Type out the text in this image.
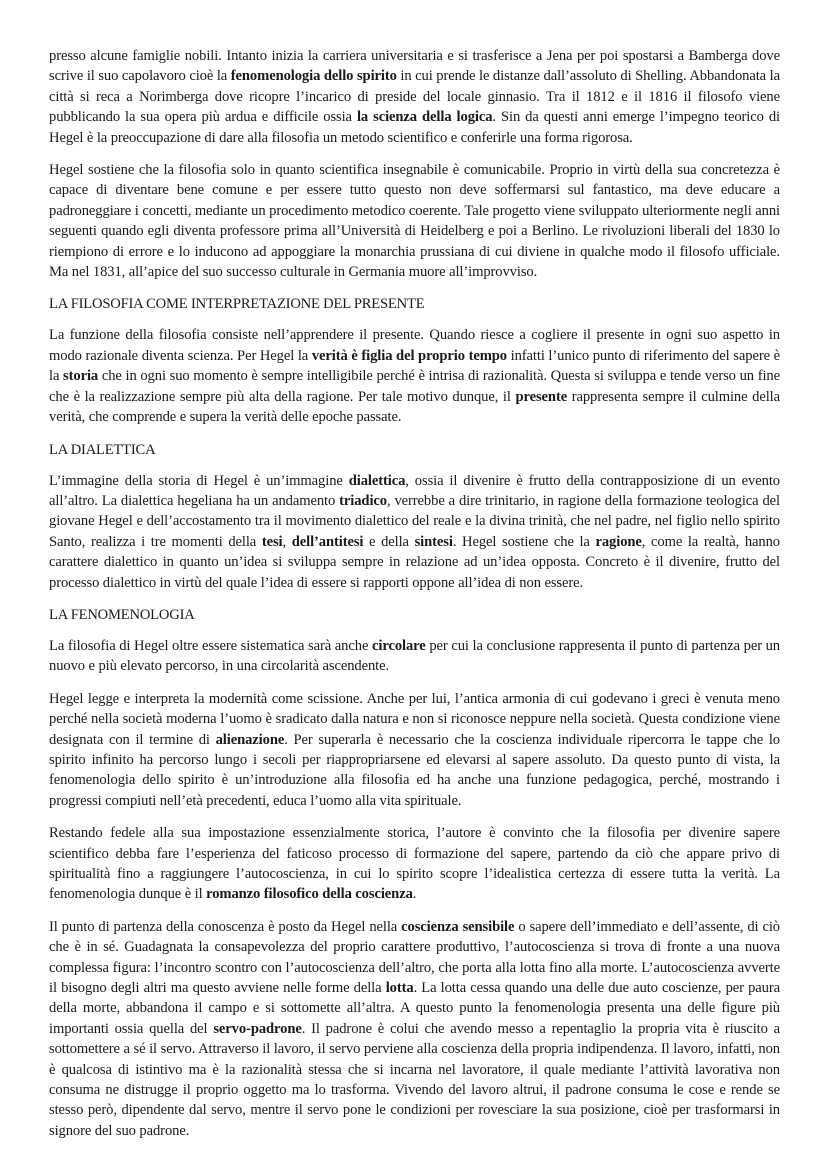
presso alcune famiglie nobili. Intanto inizia la carriera universitaria e si trasferisce a Jena per poi spostarsi a Bamberga dove scrive il suo capolavoro cioè la fenomenologia dello spirito in cui prende le distanze dall’assoluto di Shelling. Abbandonata la città si reca a Norimberga dove ricopre l’incarico di preside del locale ginnasio. Tra il 1812 e il 1816 il filosofo viene pubblicando la sua opera più ardua e difficile ossia la scienza della logica. Sin da questi anni emerge l’impegno teorico di Hegel è la preoccupazione di dare alla filosofia un metodo scientifico e conferirle una forma rigorosa.

Hegel sostiene che la filosofia solo in quanto scientifica insegnabile è comunicabile. Proprio in virtù della sua concretezza è capace di diventare bene comune e per essere tutto questo non deve soffermarsi sul fantastico, ma deve educare a padroneggiare i concetti, mediante un procedimento metodico coerente. Tale progetto viene sviluppato ulteriormente negli anni seguenti quando egli diventa professore prima all’Università di Heidelberg e poi a Berlino. Le rivoluzioni liberali del 1830 lo riempiono di errore e lo inducono ad appoggiare la monarchia prussiana di cui diviene in qualche modo il filosofo ufficiale. Ma nel 1831, all’apice del suo successo culturale in Germania muore all’improvviso.

LA FILOSOFIA COME INTERPRETAZIONE DEL PRESENTE

La funzione della filosofia consiste nell’apprendere il presente. Quando riesce a cogliere il presente in ogni suo aspetto in modo razionale diventa scienza. Per Hegel la verità è figlia del proprio tempo infatti l’unico punto di riferimento del sapere è la storia che in ogni suo momento è sempre intelligibile perché è intrisa di razionalità. Questa si sviluppa e tende verso un fine che è la realizzazione sempre più alta della ragione. Per tale motivo dunque, il presente rappresenta sempre il culmine della verità, che comprende e supera la verità delle epoche passate.

LA DIALETTICA

L’immagine della storia di Hegel è un’immagine dialettica, ossia il divenire è frutto della contrapposizione di un evento all’altro. La dialettica hegeliana ha un andamento triadico, verrebbe a dire trinitario, in ragione della formazione teologica del giovane Hegel e dell’accostamento tra il movimento dialettico del reale e la divina trinità, che nel padre, nel figlio nello spirito Santo, realizza i tre momenti della tesi, dell’antitesi e della sintesi. Hegel sostiene che la ragione, come la realtà, hanno carattere dialettico in quanto un’idea si sviluppa sempre in relazione ad un’idea opposta. Concreto è il divenire, frutto del processo dialettico in virtù del quale l’idea di essere si rapporti oppone all’idea di non essere.

LA FENOMENOLOGIA

La filosofia di Hegel oltre essere sistematica sarà anche circolare per cui la conclusione rappresenta il punto di partenza per un nuovo e più elevato percorso, in una circolarità ascendente.

Hegel legge e interpreta la modernità come scissione. Anche per lui, l’antica armonia di cui godevano i greci è venuta meno perché nella società moderna l’uomo è sradicato dalla natura e non si riconosce neppure nella società. Questa condizione viene designata con il termine di alienazione. Per superarla è necessario che la coscienza individuale ripercorra le tappe che lo spirito infinito ha percorso lungo i secoli per riappropriarsene ed elevarsi al sapere assoluto. Da questo punto di vista, la fenomenologia dello spirito è un’introduzione alla filosofia ed ha anche una funzione pedagogica, perché, mostrando i progressi compiuti nell’età precedenti, educa l’uomo alla vita spirituale.

Restando fedele alla sua impostazione essenzialmente storica, l’autore è convinto che la filosofia per divenire sapere scientifico debba fare l’esperienza del faticoso processo di formazione del sapere, partendo da ciò che appare privo di spiritualità fino a raggiungere l’autocoscienza, in cui lo spirito scopre l’idealistica certezza di essere tutta la verità. La fenomenologia dunque è il romanzo filosofico della coscienza.

Il punto di partenza della conoscenza è posto da Hegel nella coscienza sensibile o sapere dell’immediato e dell’assente, di ciò che è in sé. Guadagnata la consapevolezza del proprio carattere produttivo, l’autocoscienza si trova di fronte a una nuova complessa figura: l’incontro scontro con l’autocoscienza dell’altro, che porta alla lotta fino alla morte. L’autocoscienza avverte il bisogno degli altri ma questo avviene nelle forme della lotta. La lotta cessa quando una delle due auto coscienze, per paura della morte, abbandona il campo e si sottomette all’altra. A questo punto la fenomenologia presenta una delle figure più importanti ossia quella del servo-padrone. Il padrone è colui che avendo messo a repentaglio la propria vita è riuscito a sottomettere a sé il servo. Attraverso il lavoro, il servo perviene alla coscienza della propria indipendenza. Il lavoro, infatti, non è qualcosa di istintivo ma è la razionalità stessa che si incarna nel lavoratore, il quale mediante l’attività lavorativa non consuma ne distrugge il proprio oggetto ma lo trasforma. Vivendo del lavoro altrui, il padrone consuma le cose e rende se stesso però, dipendente dal servo, mentre il servo pone le condizioni per rovesciare la sua posizione, cioè per trasformarsi in signore del suo padrone.
